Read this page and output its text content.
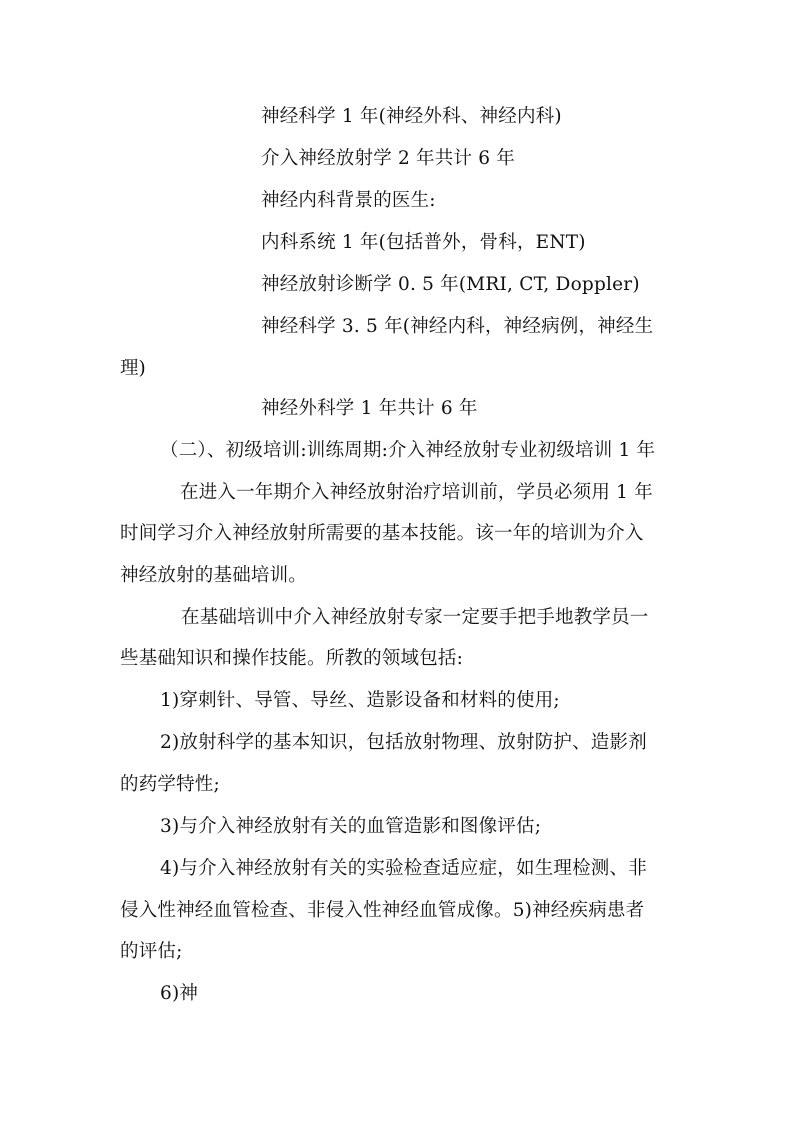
神经科学 1 年(神经外科、神经内科)
介入神经放射学 2 年共计 6 年
神经内科背景的医生:
内科系统 1 年(包括普外，骨科，ENT)
神经放射诊断学 0. 5 年(MRI, CT, Doppler)
神经科学 3. 5 年(神经内科，神经病例，神经生
理)
神经外科学 1 年共计 6 年
（二）、初级培训:训练周期:介入神经放射专业初级培训 1 年
在进入一年期介入神经放射治疗培训前，学员必须用 1 年
时间学习介入神经放射所需要的基本技能。该一年的培训为介入
神经放射的基础培训。
在基础培训中介入神经放射专家一定要手把手地教学员一
些基础知识和操作技能。所教的领域包括:
1)穿刺针、导管、导丝、造影设备和材料的使用;
2)放射科学的基本知识，包括放射物理、放射防护、造影剂
的药学特性;
3)与介入神经放射有关的血管造影和图像评估;
4)与介入神经放射有关的实验检查适应症，如生理检测、非
侵入性神经血管检查、非侵入性神经血管成像。5)神经疾病患者
的评估;
6)神
